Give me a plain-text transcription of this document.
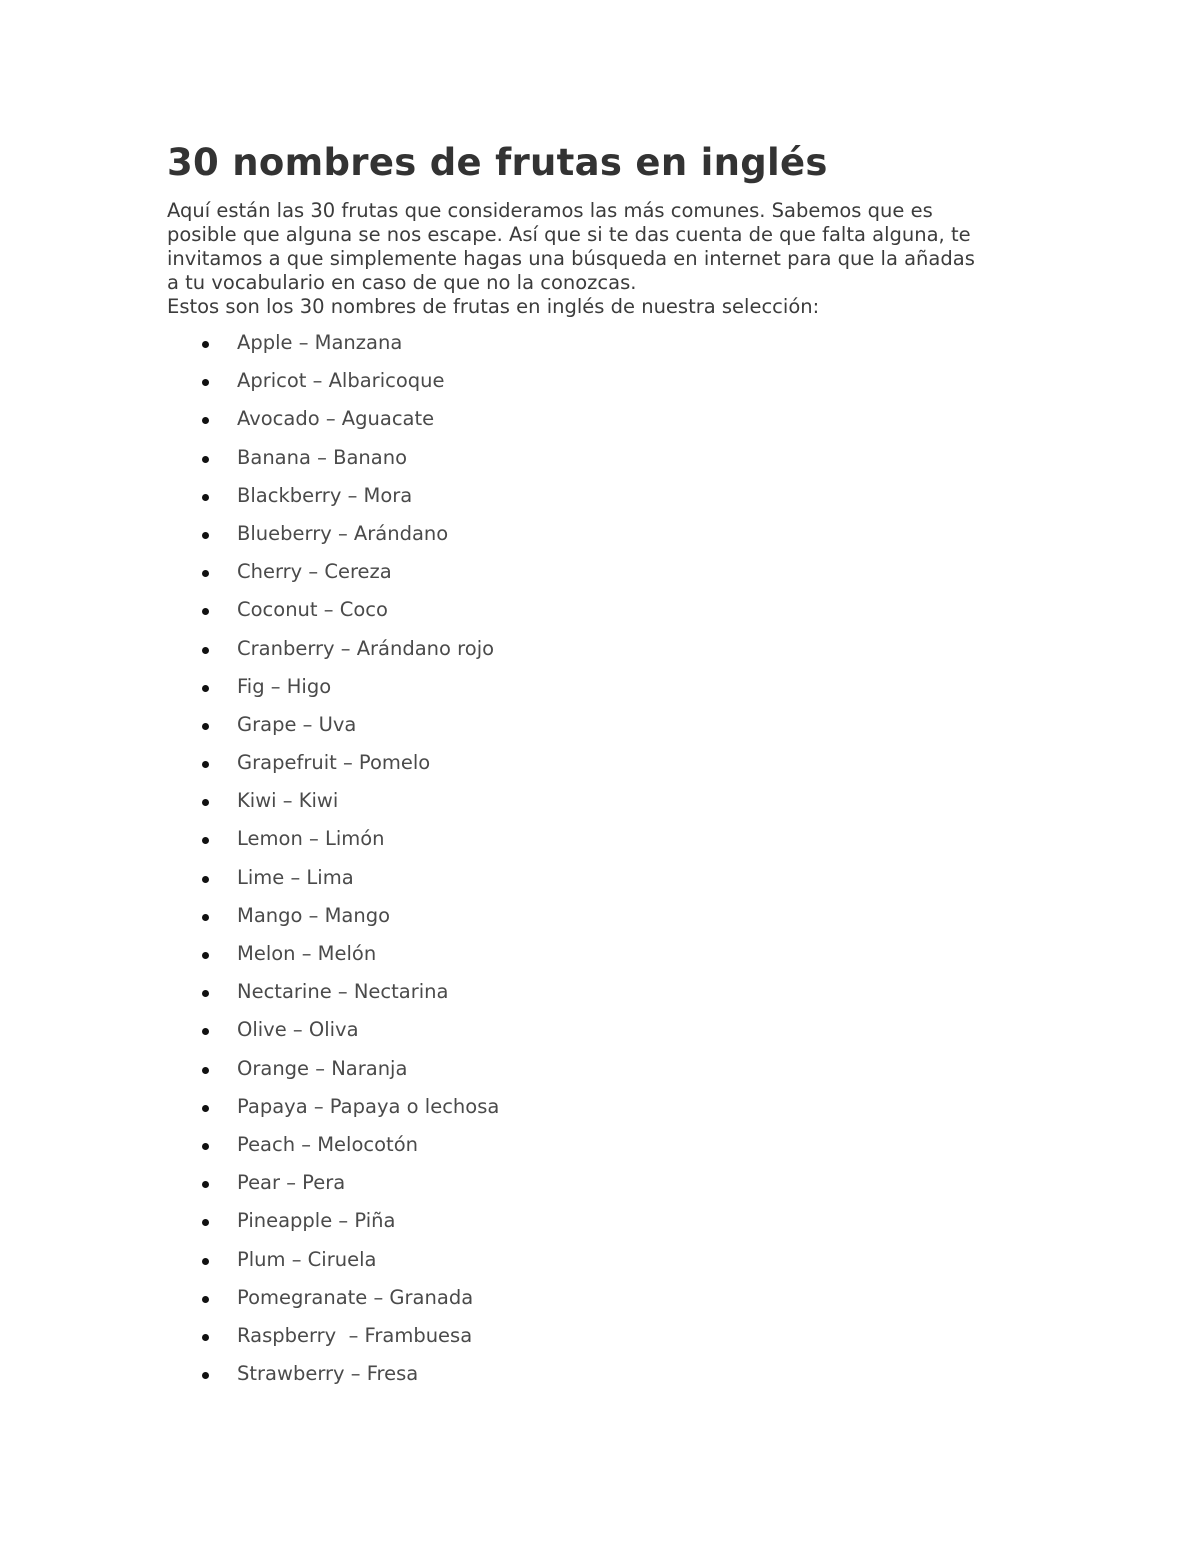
30 nombres de frutas en inglés
Aquí están las 30 frutas que consideramos las más comunes. Sabemos que es
posible que alguna se nos escape. Así que si te das cuenta de que falta alguna, te
invitamos a que simplemente hagas una búsqueda en internet para que la añadas
a tu vocabulario en caso de que no la conozcas.
Estos son los 30 nombres de frutas en inglés de nuestra selección:
Apple – Manzana
Apricot – Albaricoque
Avocado – Aguacate
Banana – Banano
Blackberry – Mora
Blueberry – Arándano
Cherry – Cereza
Coconut – Coco
Cranberry – Arándano rojo
Fig – Higo
Grape – Uva
Grapefruit – Pomelo
Kiwi – Kiwi
Lemon – Limón
Lime – Lima
Mango – Mango
Melon – Melón
Nectarine – Nectarina
Olive – Oliva
Orange – Naranja
Papaya – Papaya o lechosa
Peach – Melocotón
Pear – Pera
Pineapple – Piña
Plum – Ciruela
Pomegranate – Granada
Raspberry  – Frambuesa
Strawberry – Fresa
